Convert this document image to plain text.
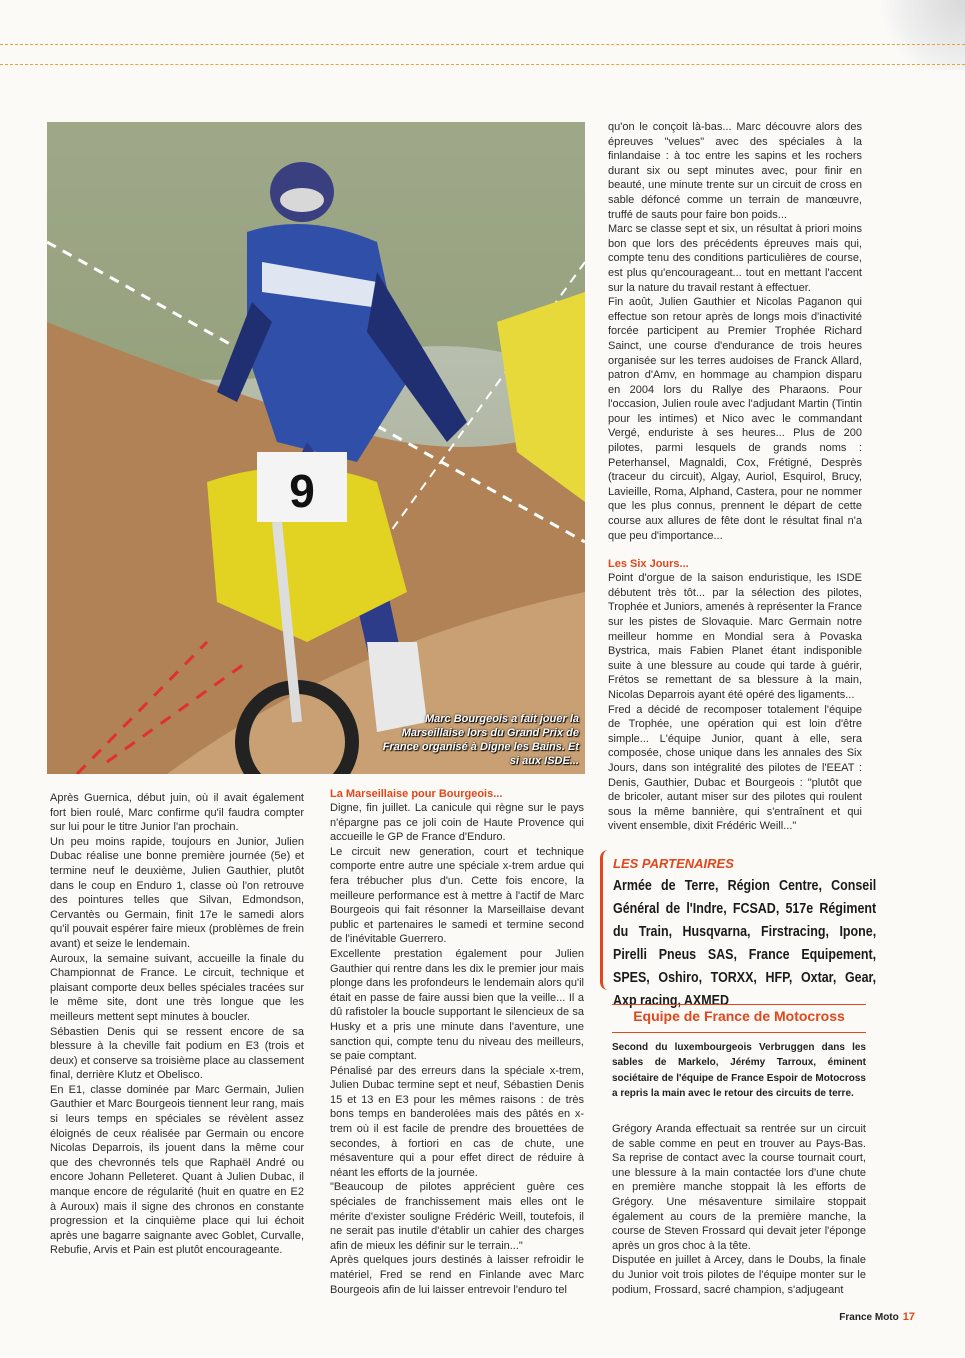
9
Marc Bourgeois a fait jouer la Marseillaise lors du Grand Prix de France organisé à Digne les Bains. Et si aux ISDE...

Après Guernica, début juin, où il avait également fort bien roulé, Marc confirme qu'il faudra compter sur lui pour le titre Junior l'an prochain.

Un peu moins rapide, toujours en Junior, Julien Dubac réalise une bonne première journée (5e) et termine neuf le deuxième, Julien Gauthier, plutôt dans le coup en Enduro 1, classe où l'on retrouve des pointures telles que Silvan, Edmondson, Cervantès ou Germain, finit 17e le samedi alors qu'il pouvait espérer faire mieux (problèmes de frein avant) et seize le lendemain.

Auroux, la semaine suivant, accueille la finale du Championnat de France. Le circuit, technique et plaisant comporte deux belles spéciales tracées sur le même site, dont une très longue que les meilleurs mettent sept minutes à boucler.

Sébastien Denis qui se ressent encore de sa blessure à la cheville fait podium en E3 (trois et deux) et conserve sa troisième place au classement final, derrière Klutz et Obelisco.

En E1, classe dominée par Marc Germain, Julien Gauthier et Marc Bourgeois tiennent leur rang, mais si leurs temps en spéciales se révèlent assez éloignés de ceux réalisée par Germain ou encore Nicolas Deparrois, ils jouent dans la même cour que des chevronnés tels que Raphaël André ou encore Johann Pelleteret. Quant à Julien Dubac, il manque encore de régularité (huit en quatre en E2 à Auroux) mais il signe des chronos en constante progression et la cinquième place qui lui échoit après une bagarre saignante avec Goblet, Curvalle, Rebufie, Arvis et Pain est plutôt encourageante.

La Marseillaise pour Bourgeois...

Digne, fin juillet. La canicule qui règne sur le pays n'épargne pas ce joli coin de Haute Provence qui accueille le GP de France d'Enduro.

Le circuit new generation, court et technique comporte entre autre une spéciale x-trem ardue qui fera trébucher plus d'un. Cette fois encore, la meilleure performance est à mettre à l'actif de Marc Bourgeois qui fait résonner la Marseillaise devant public et partenaires le samedi et termine second de l'inévitable Guerrero.

Excellente prestation également pour Julien Gauthier qui rentre dans les dix le premier jour mais plonge dans les profondeurs le lendemain alors qu'il était en passe de faire aussi bien que la veille... Il a dû rafistoler la boucle supportant le silencieux de sa Husky et a pris une minute dans l'aventure, une sanction qui, compte tenu du niveau des meilleurs, se paie comptant.

Pénalisé par des erreurs dans la spéciale x-trem, Julien Dubac termine sept et neuf, Sébastien Denis 15 et 13 en E3 pour les mêmes raisons : de très bons temps en banderolées mais des pâtés en x-trem où il est facile de prendre des brouettées de secondes, à fortiori en cas de chute, une mésaventure qui a pour effet direct de réduire à néant les efforts de la journée.

"Beaucoup de pilotes apprécient guère ces spéciales de franchissement mais elles ont le mérite d'exister souligne Frédéric Weill, toutefois, il ne serait pas inutile d'établir un cahier des charges afin de mieux les définir sur le terrain..."

Après quelques jours destinés à laisser refroidir le matériel, Fred se rend en Finlande avec Marc Bourgeois afin de lui laisser entrevoir l'enduro tel

qu'on le conçoit là-bas... Marc découvre alors des épreuves "velues" avec des spéciales à la finlandaise : à toc entre les sapins et les rochers durant six ou sept minutes avec, pour finir en beauté, une minute trente sur un circuit de cross en sable défoncé comme un terrain de manœuvre, truffé de sauts pour faire bon poids...

Marc se classe sept et six, un résultat à priori moins bon que lors des précédents épreuves mais qui, compte tenu des conditions particulières de course, est plus qu'encourageant... tout en mettant l'accent sur la nature du travail restant à effectuer.

Fin août, Julien Gauthier et Nicolas Paganon qui effectue son retour après de longs mois d'inactivité forcée participent au Premier Trophée Richard Sainct, une course d'endurance de trois heures organisée sur les terres audoises de Franck Allard, patron d'Amv, en hommage au champion disparu en 2004 lors du Rallye des Pharaons. Pour l'occasion, Julien roule avec l'adjudant Martin (Tintin pour les intimes) et Nico avec le commandant Vergé, enduriste à ses heures... Plus de 200 pilotes, parmi lesquels de grands noms : Peterhansel, Magnaldi, Cox, Frétigné, Desprès (traceur du circuit), Algay, Auriol, Esquirol, Brucy, Lavieille, Roma, Alphand, Castera, pour ne nommer que les plus connus, prennent le départ de cette course aux allures de fête dont le résultat final n'a que peu d'importance...

Les Six Jours...

Point d'orgue de la saison enduristique, les ISDE débutent très tôt... par la sélection des pilotes, Trophée et Juniors, amenés à représenter la France sur les pistes de Slovaquie. Marc Germain notre meilleur homme en Mondial sera à Povaska Bystrica, mais Fabien Planet étant indisponible suite à une blessure au coude qui tarde à guérir, Frétos se remettant de sa blessure à la main, Nicolas Deparrois ayant été opéré des ligaments...

Fred a décidé de recomposer totalement l'équipe de Trophée, une opération qui est loin d'être simple... L'équipe Junior, quant à elle, sera composée, chose unique dans les annales des Six Jours, dans son intégralité des pilotes de l'EEAT : Denis, Gauthier, Dubac et Bourgeois : "plutôt que de bricoler, autant miser sur des pilotes qui roulent sous la même bannière, qui s'entraînent et qui vivent ensemble, dixit Frédéric Weill..."

LES PARTENAIRES
Armée de Terre, Région Centre, Conseil Général de l'Indre, FCSAD, 517e Régiment du Train, Husqvarna, Firstracing, Ipone, Pirelli Pneus SAS, France Equipement, SPES, Oshiro, TORXX, HFP, Oxtar, Gear, Axp racing, AXMED
Equipe de France de Motocross
Second du luxembourgeois Verbruggen dans les sables de Markelo, Jérémy Tarroux, éminent sociétaire de l'équipe de France Espoir de Motocross a repris la main avec le retour des circuits de terre.

Grégory Aranda effectuait sa rentrée sur un circuit de sable comme en peut en trouver au Pays-Bas. Sa reprise de contact avec la course tournait court, une blessure à la main contactée lors d'une chute en première manche stoppait là les efforts de Grégory. Une mésaventure similaire stoppait également au cours de la première manche, la course de Steven Frossard qui devait jeter l'éponge après un gros choc à la tête.

Disputée en juillet à Arcey, dans le Doubs, la finale du Junior voit trois pilotes de l'équipe monter sur le podium, Frossard, sacré champion, s'adjugeant

France Moto 17
